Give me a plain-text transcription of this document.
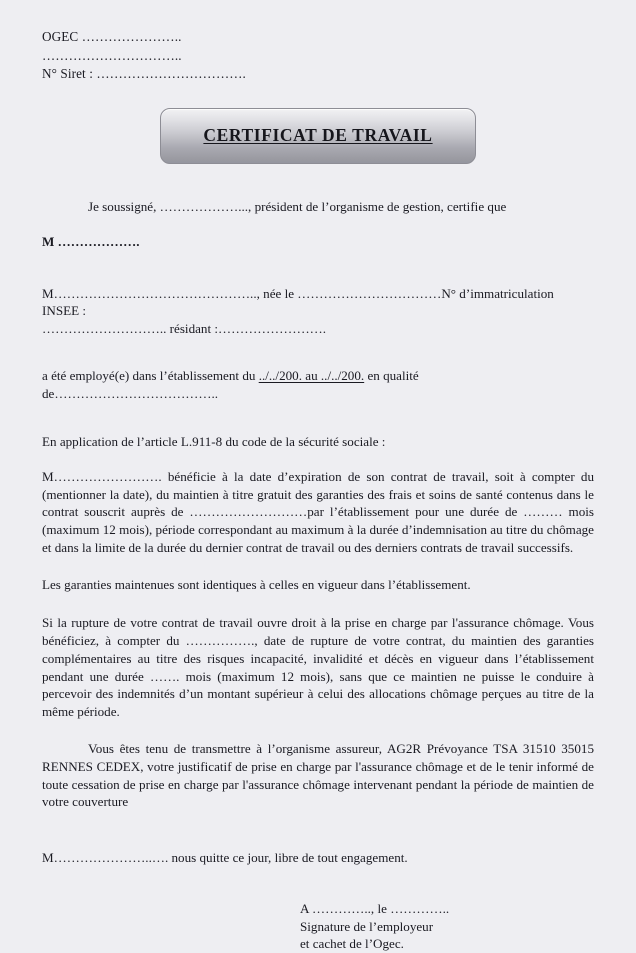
OGEC …………………..
…………………………..
N° Siret : …………………………….
CERTIFICAT DE TRAVAIL

Je soussigné, ………………..., président de l’organisme de gestion, certifie que

M ……………….

M……………………………………….., née le ……………………………N° d’immatriculation INSEE :

……………………….. résidant :…………………….

a été employé(e) dans l’établissement du ../../200. au ../../200. en qualité de………………………………..

En application de l’article L.911-8 du code de la sécurité sociale :

M……………………. bénéficie à la date d’expiration de son contrat de travail, soit à compter du (mentionner la date), du maintien à titre gratuit des garanties des frais et soins de santé contenus dans le contrat souscrit auprès de ………………………par l’établissement pour une durée de ……… mois (maximum 12 mois), période correspondant au maximum à la durée d’indemnisation au titre du chômage et dans la limite de la durée du dernier contrat de travail ou des derniers contrats de travail successifs.

Les garanties maintenues sont identiques à celles en vigueur dans l’établissement.

Si la rupture de votre contrat de travail ouvre droit à la prise en charge par l'assurance chômage. Vous bénéficiez, à compter du ……………., date de rupture de votre contrat, du maintien des garanties complémentaires au titre des risques incapacité, invalidité et décès en vigueur dans l’établissement pendant une durée ……. mois (maximum 12 mois), sans que ce maintien ne puisse le conduire à percevoir des indemnités d’un montant supérieur à celui des allocations chômage perçues au titre de la même période.

Vous êtes tenu de transmettre à l’organisme assureur, AG2R Prévoyance TSA 31510 35015 RENNES CEDEX, votre justificatif de prise en charge par l'assurance chômage et de le tenir informé de toute cessation de prise en charge par l'assurance chômage intervenant pendant la période de maintien de votre couverture

M…………………..…. nous quitte ce jour, libre de tout engagement.

A ………….., le …………..
Signature de l’employeur
et cachet de l’Ogec.
